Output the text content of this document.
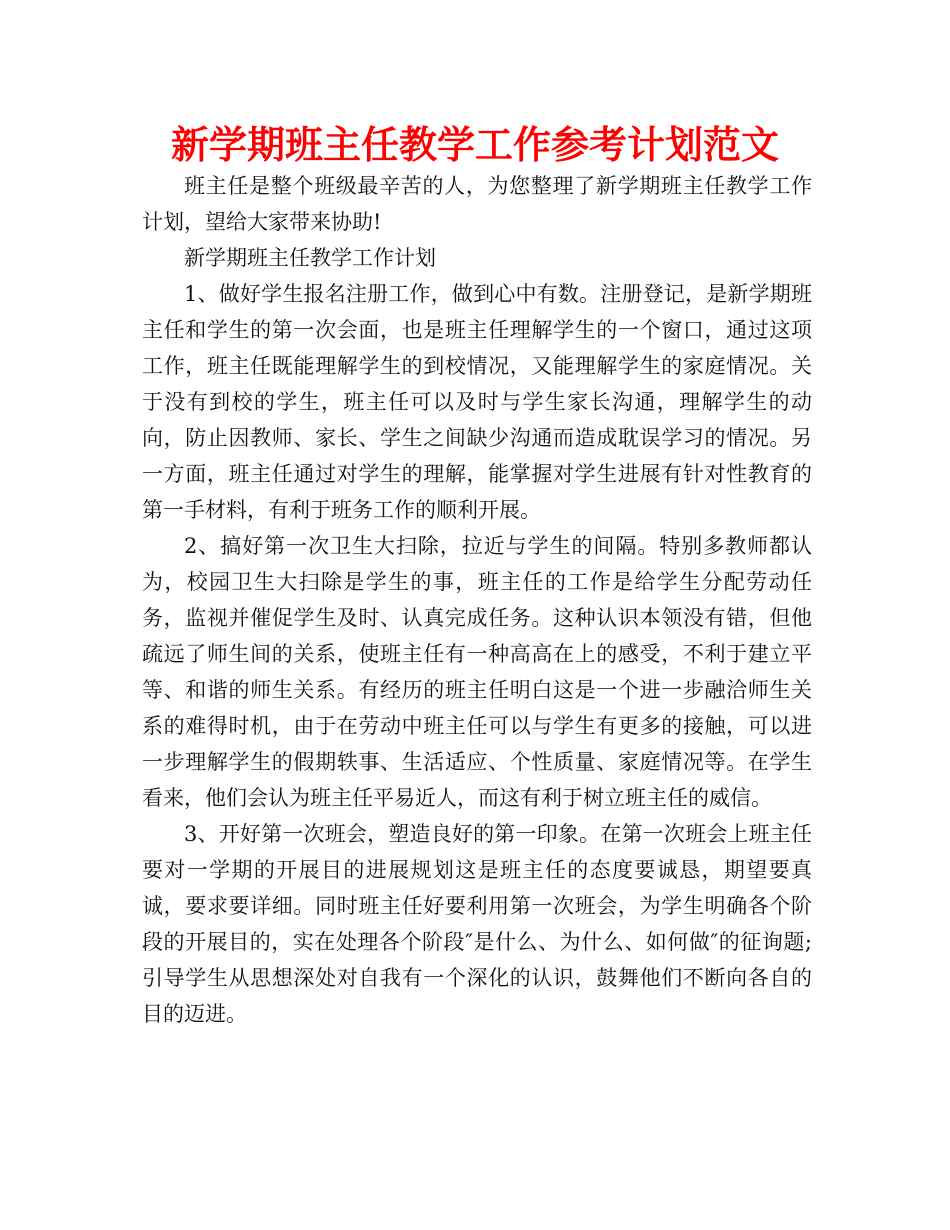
新学期班主任教学工作参考计划范文

班主任是整个班级最辛苦的人，为您整理了新学期班主任教学工作计划，望给大家带来协助!

新学期班主任教学工作计划

1、做好学生报名注册工作，做到心中有数。注册登记，是新学期班主任和学生的第一次会面，也是班主任理解学生的一个窗口，通过这项工作，班主任既能理解学生的到校情况，又能理解学生的家庭情况。关于没有到校的学生，班主任可以及时与学生家长沟通，理解学生的动向，防止因教师、家长、学生之间缺少沟通而造成耽误学习的情况。另一方面，班主任通过对学生的理解，能掌握对学生进展有针对性教育的第一手材料，有利于班务工作的顺利开展。

2、搞好第一次卫生大扫除，拉近与学生的间隔。特别多教师都认为，校园卫生大扫除是学生的事，班主任的工作是给学生分配劳动任务，监视并催促学生及时、认真完成任务。这种认识本领没有错，但他疏远了师生间的关系，使班主任有一种高高在上的感受，不利于建立平等、和谐的师生关系。有经历的班主任明白这是一个进一步融洽师生关系的难得时机，由于在劳动中班主任可以与学生有更多的接触，可以进一步理解学生的假期轶事、生活适应、个性质量、家庭情况等。在学生看来，他们会认为班主任平易近人，而这有利于树立班主任的威信。

3、开好第一次班会，塑造良好的第一印象。在第一次班会上班主任要对一学期的开展目的进展规划这是班主任的态度要诚恳，期望要真诚，要求要详细。同时班主任好要利用第一次班会，为学生明确各个阶段的开展目的，实在处理各个阶段″是什么、为什么、如何做″的征询题;引导学生从思想深处对自我有一个深化的认识，鼓舞他们不断向各自的目的迈进。
